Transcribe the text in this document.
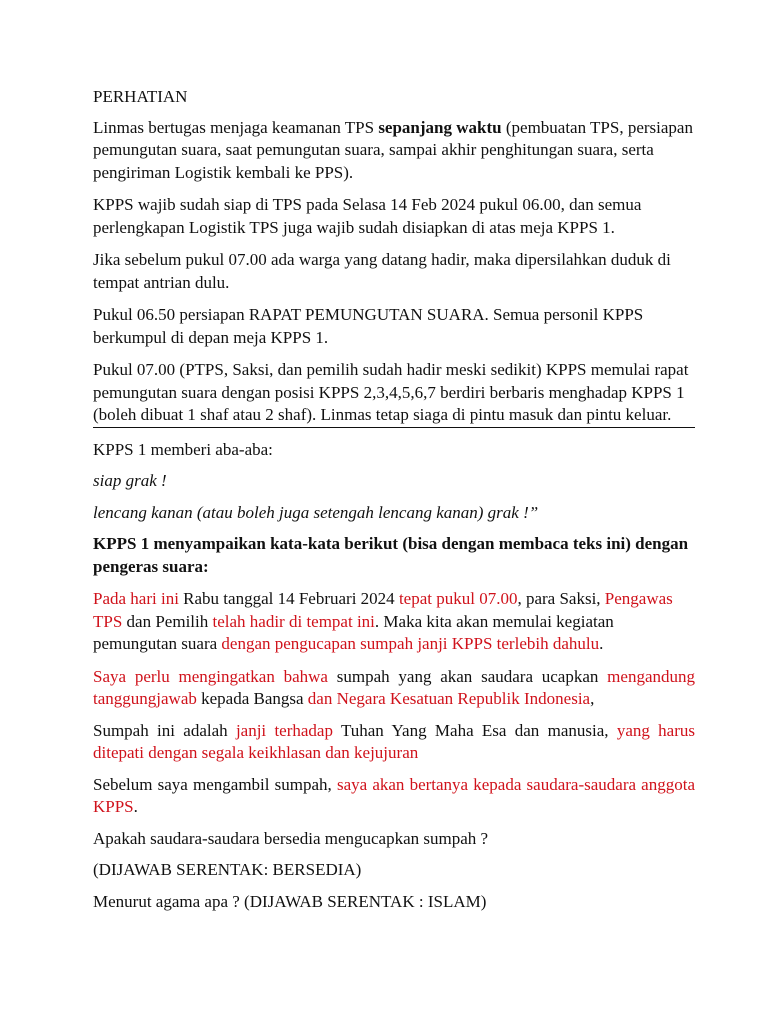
PERHATIAN

Linmas bertugas menjaga keamanan TPS sepanjang waktu (pembuatan TPS, persiapan pemungutan suara, saat pemungutan suara, sampai akhir penghitungan suara, serta pengiriman Logistik kembali ke PPS).

KPPS wajib sudah siap di TPS pada Selasa 14 Feb 2024 pukul 06.00, dan semua perlengkapan Logistik TPS juga wajib sudah disiapkan di atas meja KPPS 1.

Jika sebelum pukul 07.00 ada warga yang datang hadir, maka dipersilahkan duduk di tempat antrian dulu.

Pukul 06.50 persiapan RAPAT PEMUNGUTAN SUARA. Semua personil KPPS berkumpul di depan meja KPPS 1.

Pukul 07.00 (PTPS, Saksi, dan pemilih sudah hadir meski sedikit) KPPS memulai rapat pemungutan suara dengan posisi KPPS 2,3,4,5,6,7 berdiri berbaris menghadap KPPS 1 (boleh dibuat 1 shaf atau 2 shaf). Linmas tetap siaga di pintu masuk dan pintu keluar.

KPPS 1 memberi aba-aba:

siap grak !

lencang kanan (atau boleh juga setengah lencang kanan) grak !”

KPPS 1 menyampaikan kata-kata berikut (bisa dengan membaca teks ini) dengan pengeras suara:

Pada hari ini Rabu tanggal 14 Februari 2024 tepat pukul 07.00, para Saksi, Pengawas TPS dan Pemilih telah hadir di tempat ini. Maka kita akan memulai kegiatan pemungutan suara dengan pengucapan sumpah janji KPPS terlebih dahulu.

Saya perlu mengingatkan bahwa sumpah yang akan saudara ucapkan mengandung tanggungjawab kepada Bangsa dan Negara Kesatuan Republik Indonesia,

Sumpah ini adalah janji terhadap Tuhan Yang Maha Esa dan manusia, yang harus ditepati dengan segala keikhlasan dan kejujuran

Sebelum saya mengambil sumpah, saya akan bertanya kepada saudara-saudara anggota KPPS.

Apakah saudara-saudara bersedia mengucapkan sumpah ?

(DIJAWAB SERENTAK: BERSEDIA)

Menurut agama apa ? (DIJAWAB SERENTAK : ISLAM)
